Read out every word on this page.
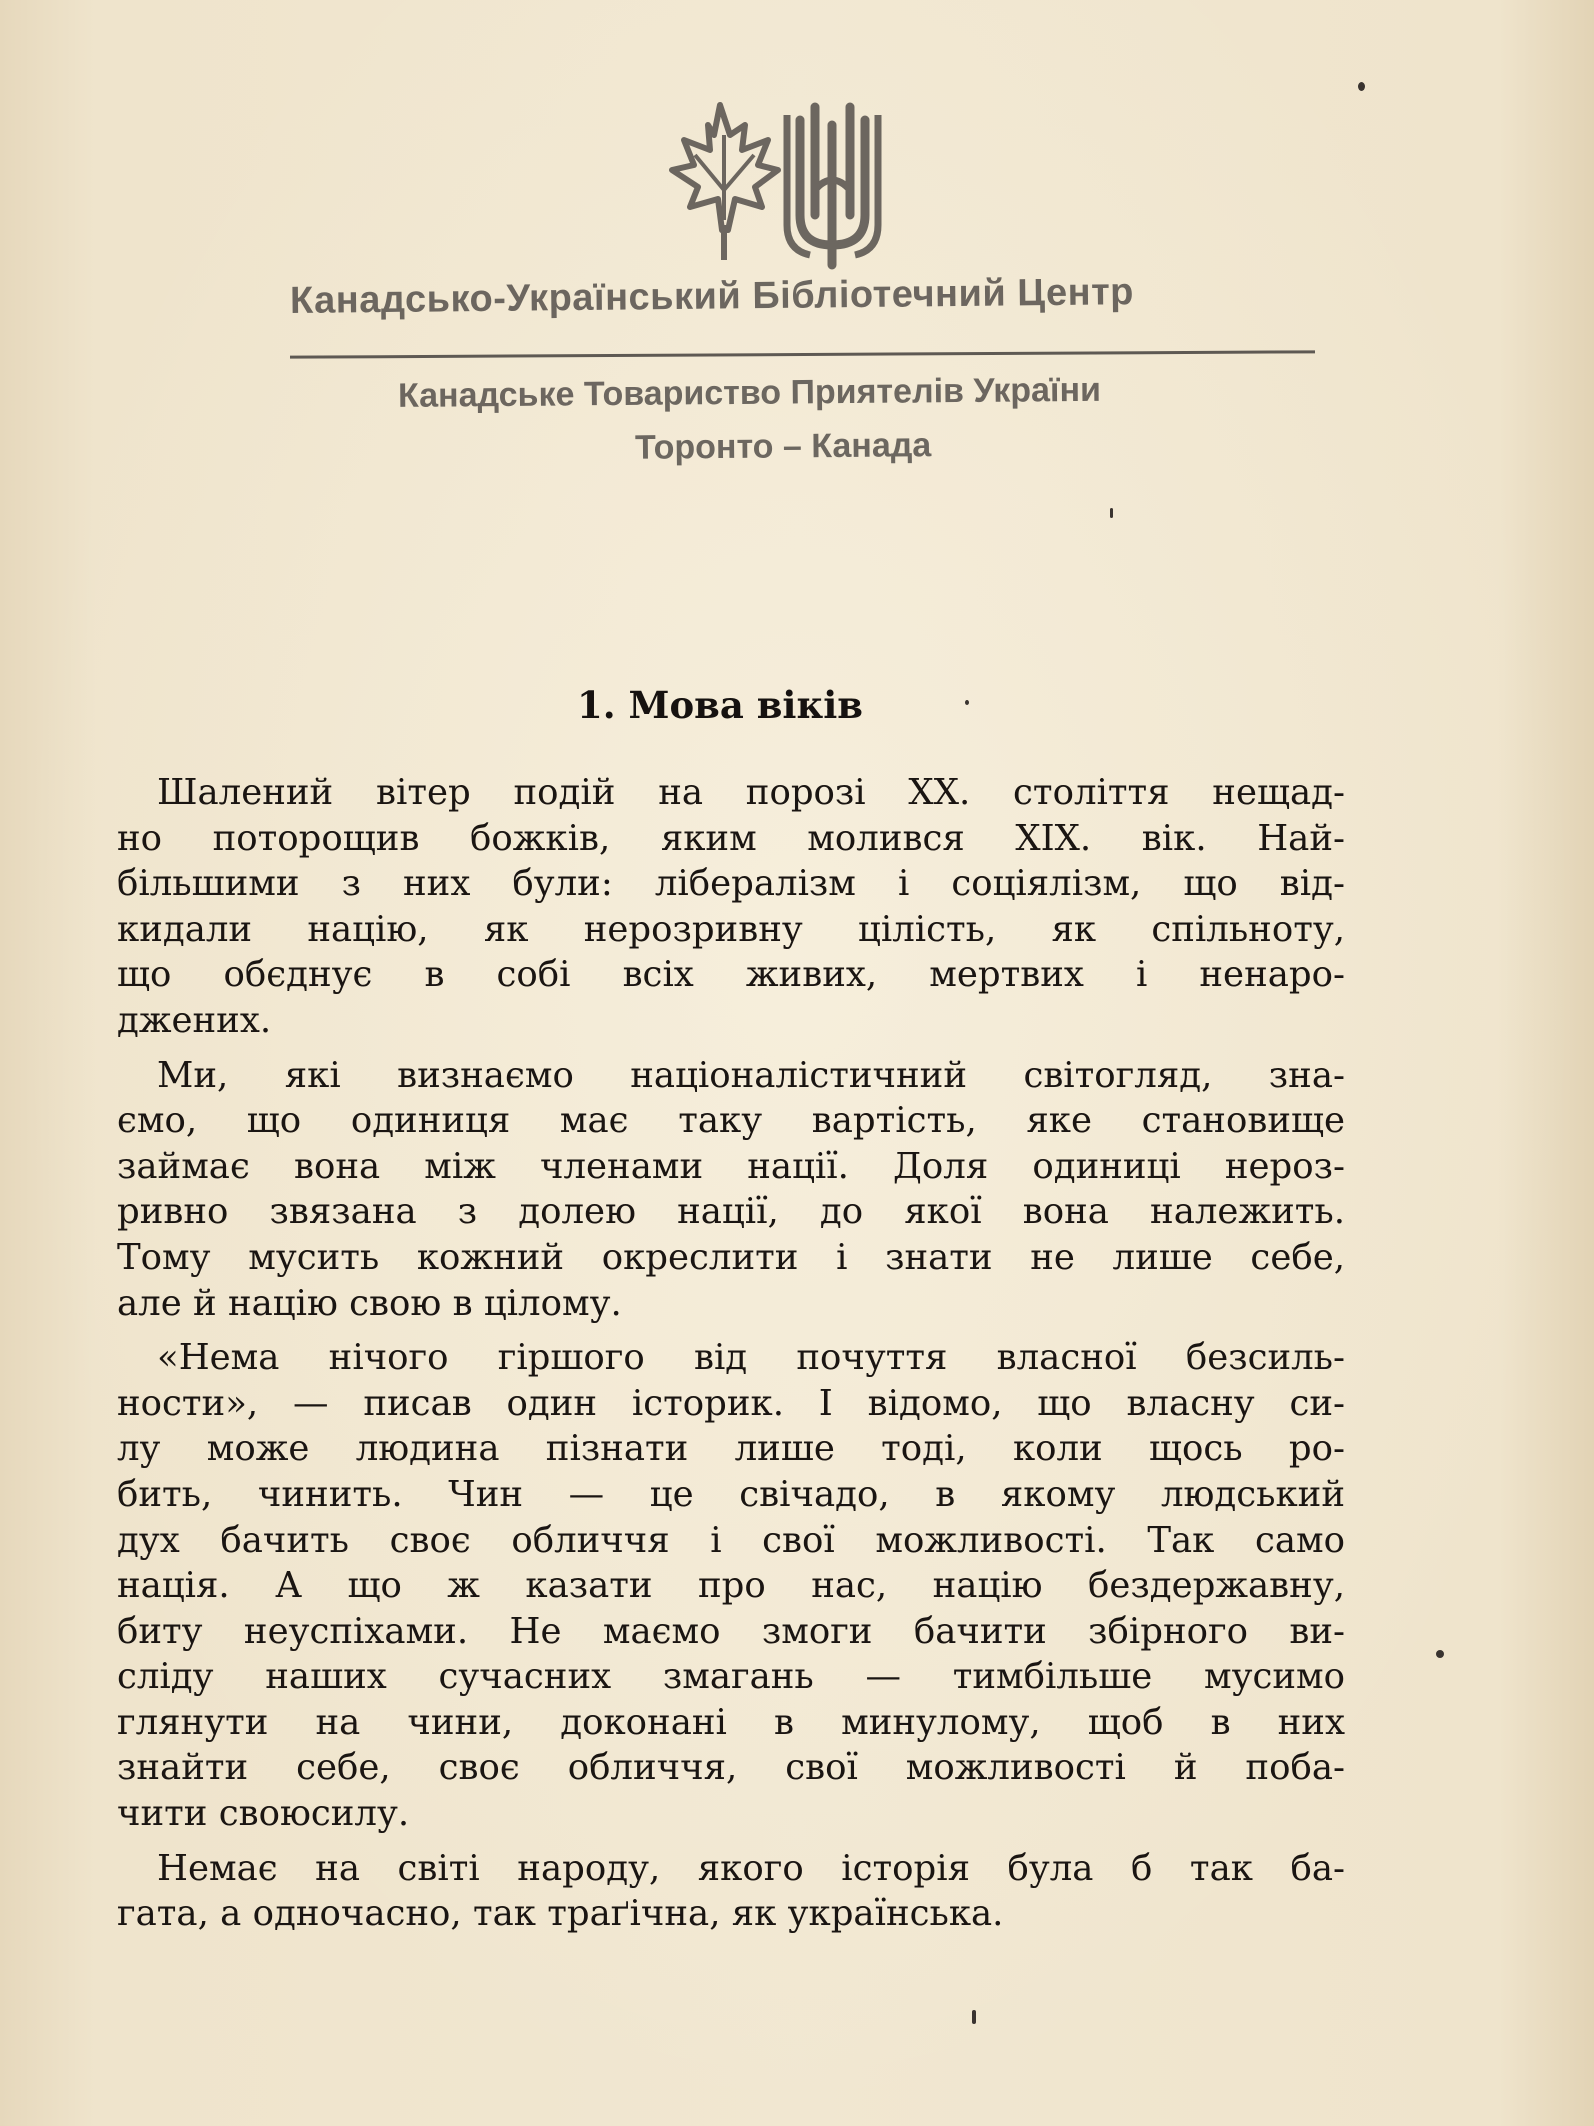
Канадсько-Український Бібліотечний Центр
Канадське Товариство Приятелів України
Торонто – Канада
1. Мова віків
Шалений вітер подій на порозі XX. століття нещад-
но поторощив божків, яким молився XIX. вік. Най-
більшими з них були: лібералізм і соціялізм, що від-
кидали націю, як нерозривну цілість, як спільноту,
що обєднує в собі всіх живих, мертвих і ненаро-
джених.
Ми, які визнаємо націоналістичний світогляд, зна-
ємо, що одиниця має таку вартість, яке становище
займає вона між членами нації. Доля одиниці нероз-
ривно звязана з долею нації, до якої вона належить.
Тому мусить кожний окреслити і знати не лише себе,
але й націю свою в цілому.
«Нема нічого гіршого від почуття власної безсиль-
ности», — писав один історик. І відомо, що власну си-
лу може людина пізнати лише тоді, коли щось ро-
бить, чинить. Чин — це свічадо, в якому людський
дух бачить своє обличчя і свої можливості. Так само
нація. А що ж казати про нас, націю бездержавну,
биту неуспіхами. Не маємо змоги бачити збірного ви-
сліду наших сучасних змагань — тимбільше мусимо
глянути на чини, доконані в минулому, щоб в них
знайти себе, своє обличчя, свої можливості й поба-
чити своюсилу.
Немає на світі народу, якого історія була б так ба-
гата, а одночасно, так траґічна, як українська.
